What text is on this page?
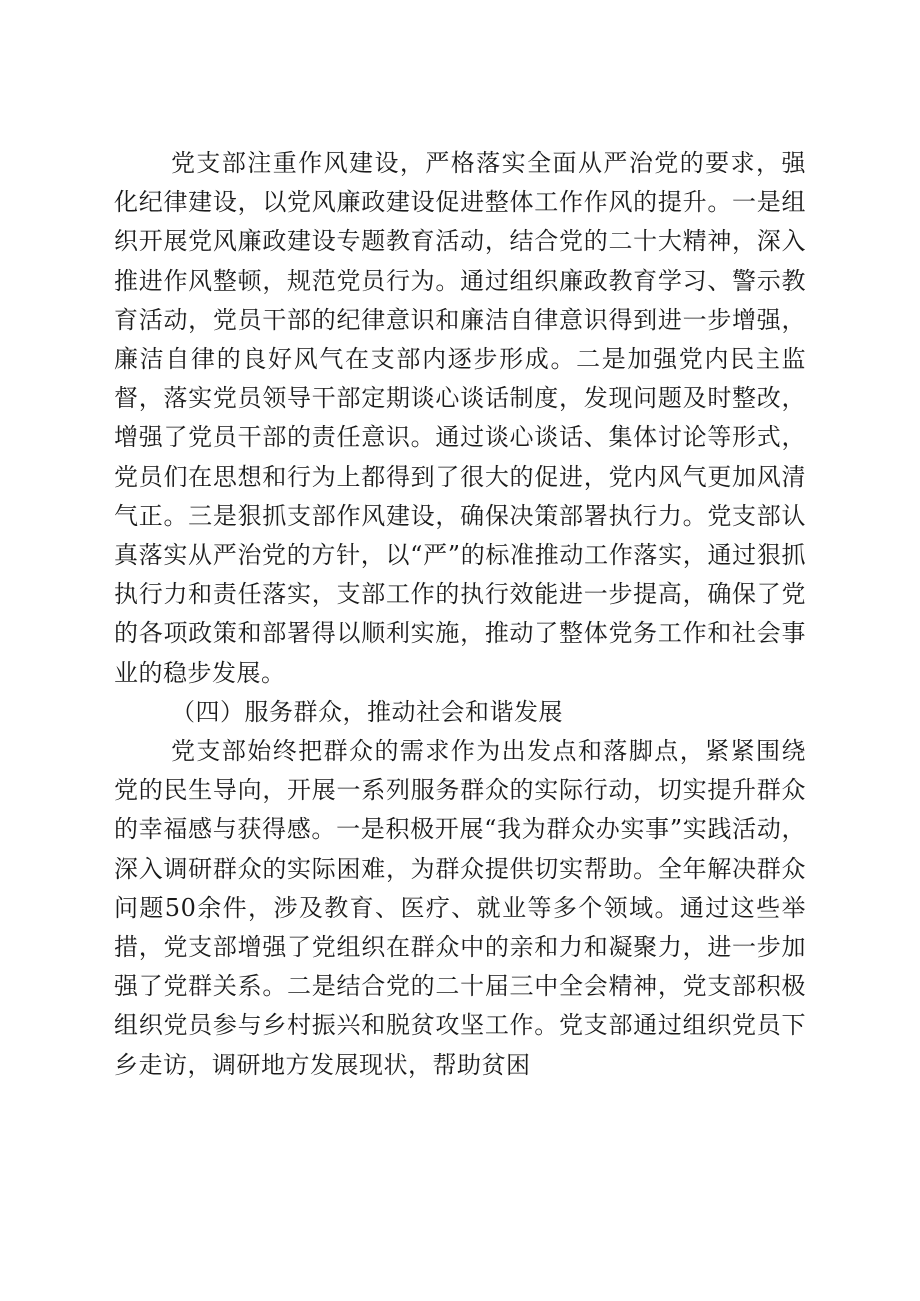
党支部注重作风建设，严格落实全面从严治党的要求，强化纪律建设，以党风廉政建设促进整体工作作风的提升。一是组织开展党风廉政建设专题教育活动，结合党的二十大精神，深入推进作风整顿，规范党员行为。通过组织廉政教育学习、警示教育活动，党员干部的纪律意识和廉洁自律意识得到进一步增强，廉洁自律的良好风气在支部内逐步形成。二是加强党内民主监督，落实党员领导干部定期谈心谈话制度，发现问题及时整改，增强了党员干部的责任意识。通过谈心谈话、集体讨论等形式，党员们在思想和行为上都得到了很大的促进，党内风气更加风清气正。三是狠抓支部作风建设，确保决策部署执行力。党支部认真落实从严治党的方针，以“严”的标准推动工作落实，通过狠抓执行力和责任落实，支部工作的执行效能进一步提高，确保了党的各项政策和部署得以顺利实施，推动了整体党务工作和社会事业的稳步发展。

（四）服务群众，推动社会和谐发展

党支部始终把群众的需求作为出发点和落脚点，紧紧围绕党的民生导向，开展一系列服务群众的实际行动，切实提升群众的幸福感与获得感。一是积极开展“我为群众办实事”实践活动，深入调研群众的实际困难，为群众提供切实帮助。全年解决群众问题50余件，涉及教育、医疗、就业等多个领域。通过这些举措，党支部增强了党组织在群众中的亲和力和凝聚力，进一步加强了党群关系。二是结合党的二十届三中全会精神，党支部积极组织党员参与乡村振兴和脱贫攻坚工作。党支部通过组织党员下乡走访，调研地方发展现状，帮助贫困
